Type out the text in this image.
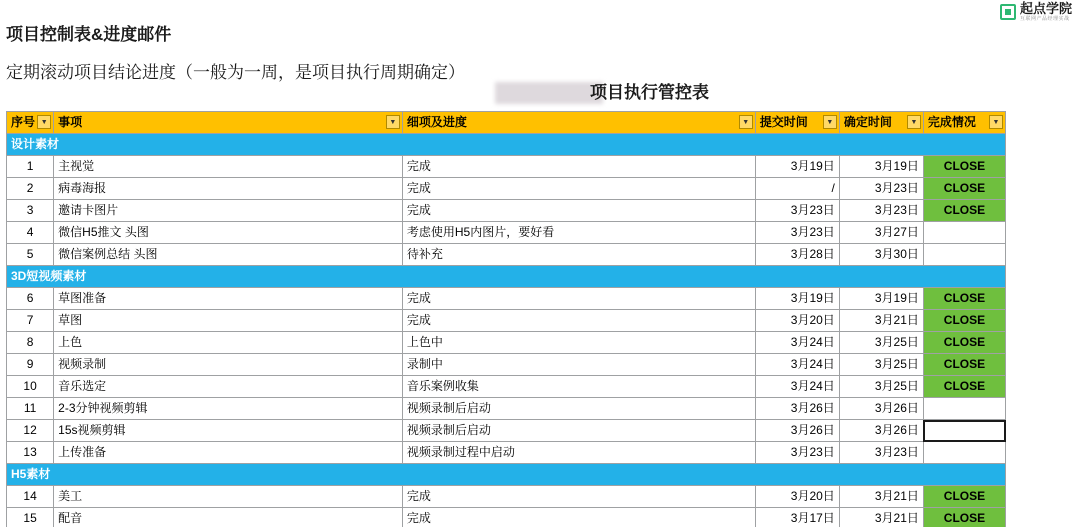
起点学院
互联网产品经理实战
项目控制表&进度邮件
定期滚动项目结论进度（一般为一周，是项目执行周期确定）
项目执行管控表
序号 ▼	事项 ▼	细项及进度 ▼	提交时间 ▼	确定时间 ▼	完成情况 ▼

设计素材					
1	主视觉	完成	3月19日	3月19日	CLOSE
2	病毒海报	完成	/	3月23日	CLOSE
3	邀请卡图片	完成	3月23日	3月23日	CLOSE
4	微信H5推文 头图	考虑使用H5内图片，要好看	3月23日	3月27日	
5	微信案例总结 头图	待补充	3月28日	3月30日	
3D短视频素材					
6	草图准备	完成	3月19日	3月19日	CLOSE
7	草图	完成	3月20日	3月21日	CLOSE
8	上色	上色中	3月24日	3月25日	CLOSE
9	视频录制	录制中	3月24日	3月25日	CLOSE
10	音乐选定	音乐案例收集	3月24日	3月25日	CLOSE
11	2-3分钟视频剪辑	视频录制后启动	3月26日	3月26日	
12	15s视频剪辑	视频录制后启动	3月26日	3月26日	
13	上传准备	视频录制过程中启动	3月23日	3月23日	
H5素材					
14	美工	完成	3月20日	3月21日	CLOSE
15	配音	完成	3月17日	3月21日	CLOSE
